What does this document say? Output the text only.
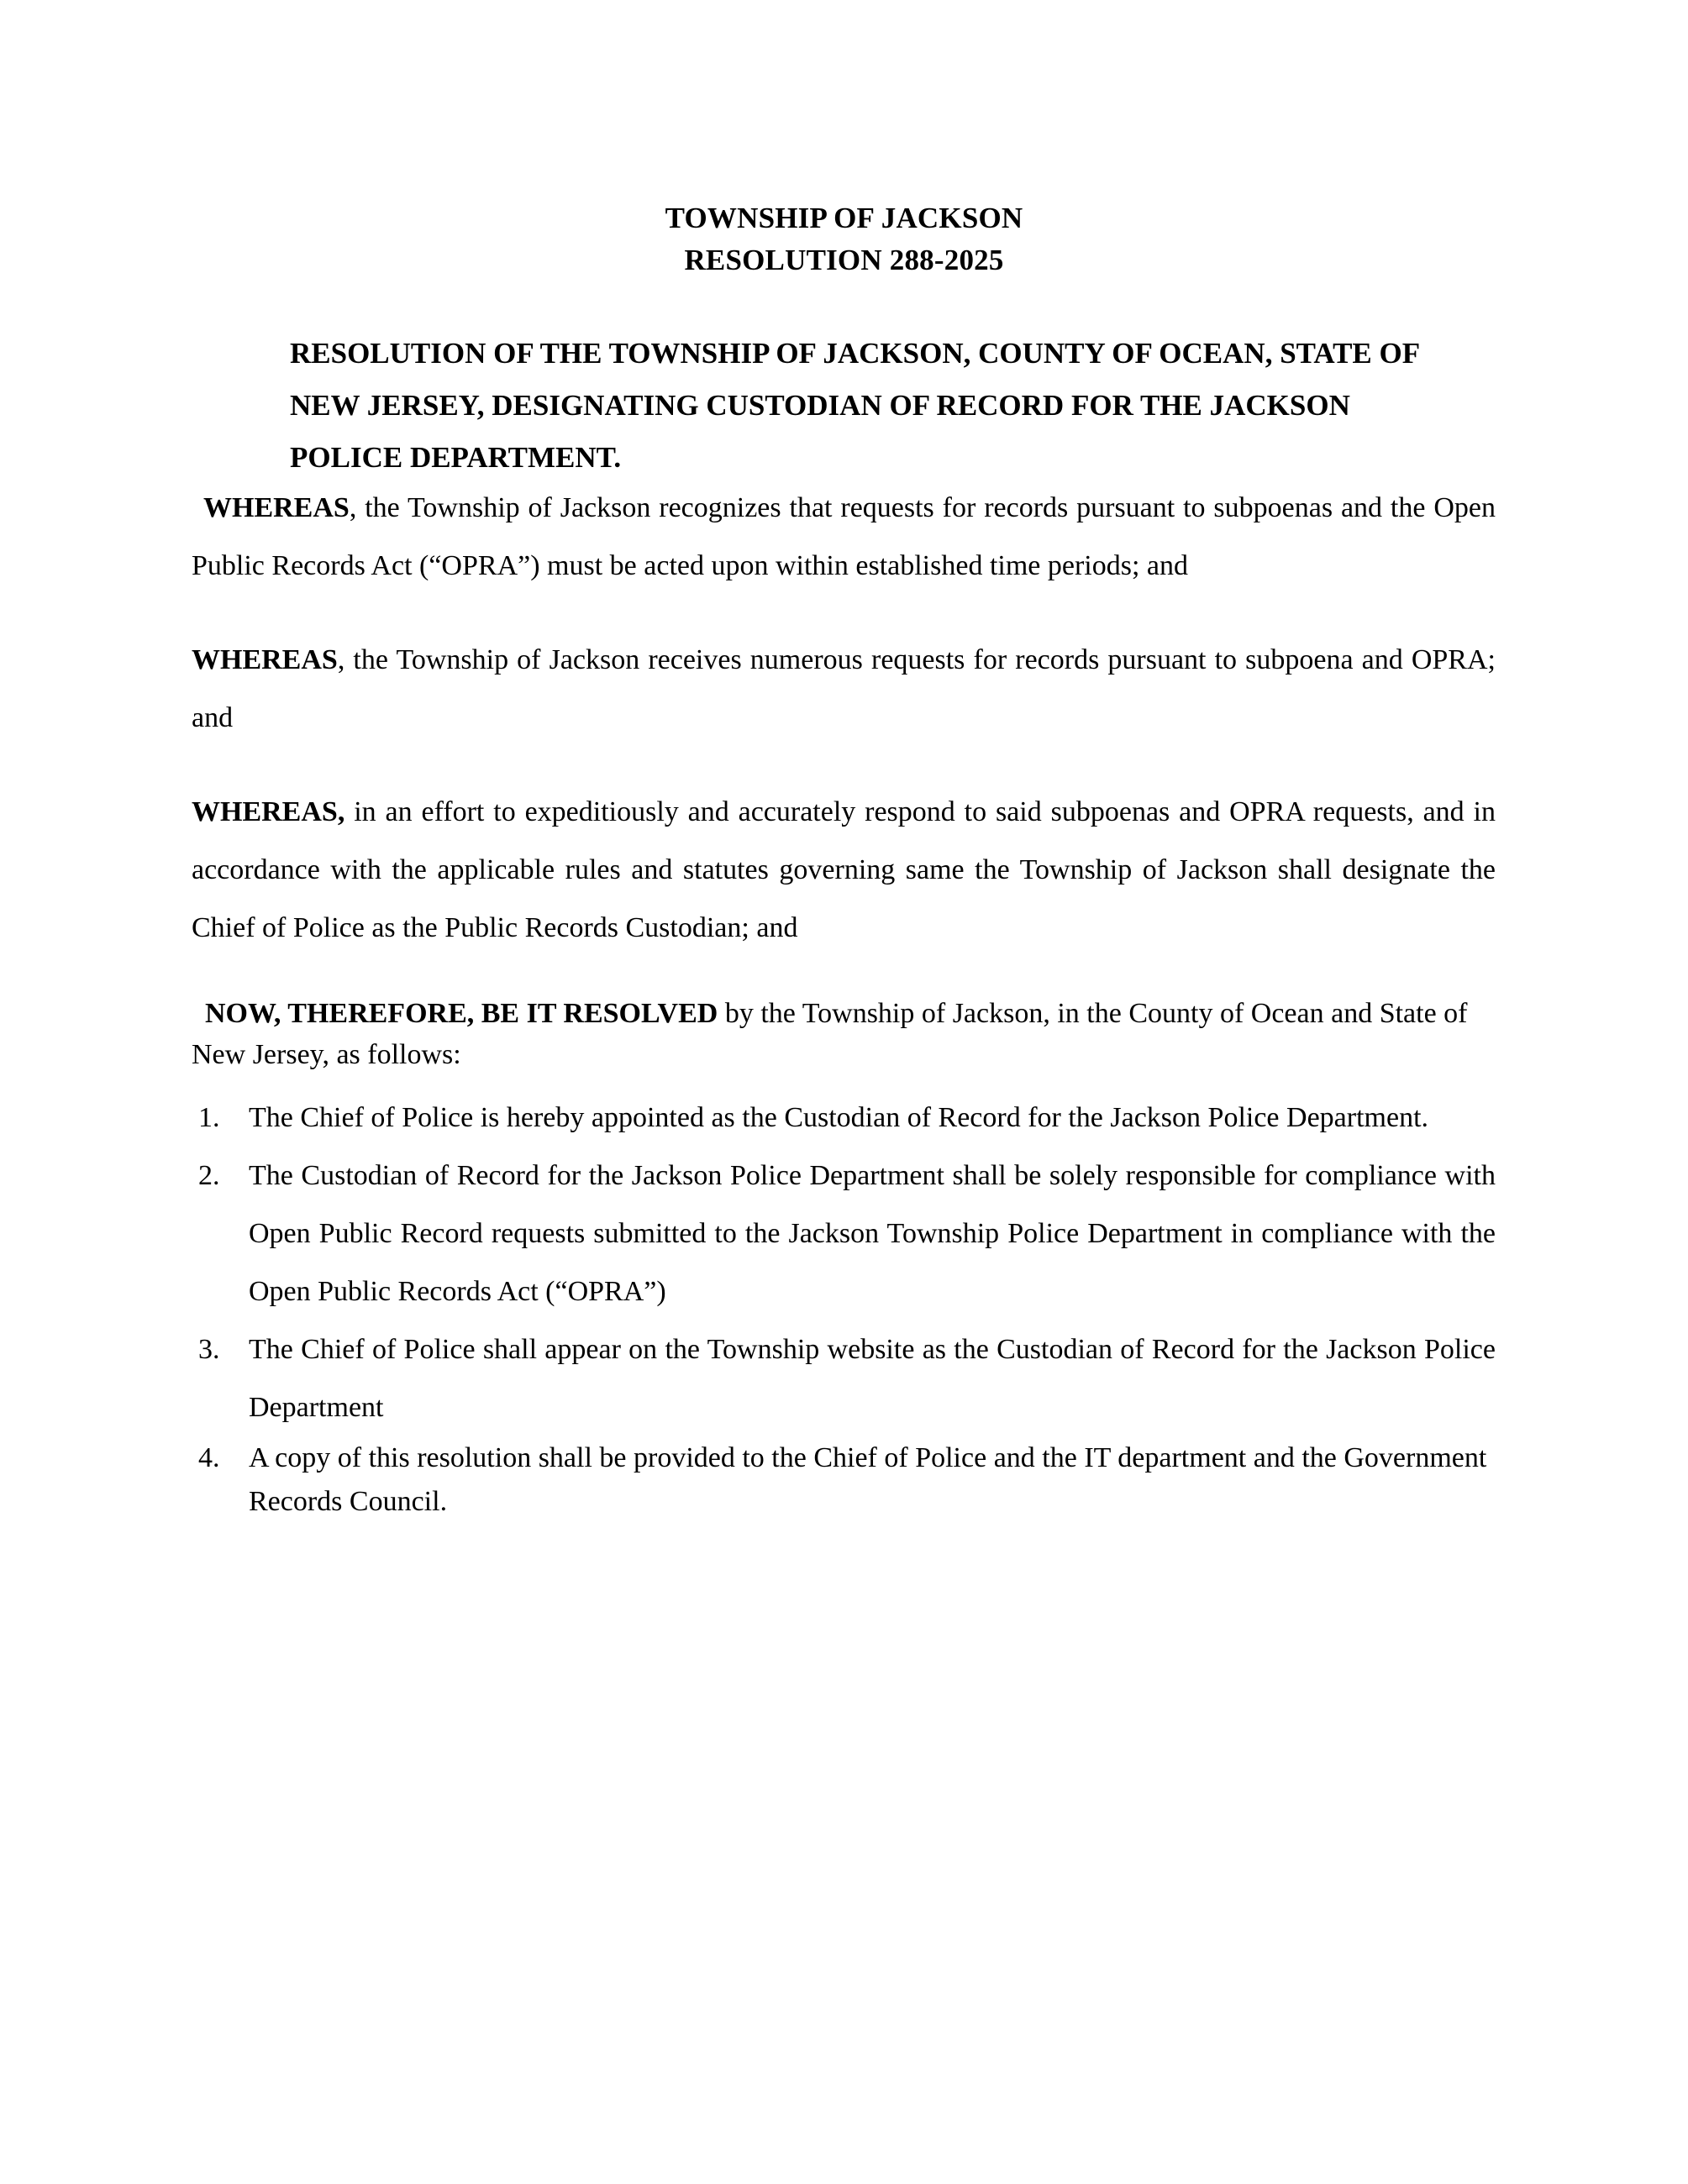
TOWNSHIP OF JACKSON
RESOLUTION 288-2025
RESOLUTION OF THE TOWNSHIP OF JACKSON, COUNTY OF OCEAN, STATE OF NEW JERSEY, DESIGNATING CUSTODIAN OF RECORD FOR THE JACKSON POLICE DEPARTMENT.

WHEREAS, the Township of Jackson recognizes that requests for records pursuant to subpoenas and the Open Public Records Act (“OPRA”) must be acted upon within established time periods; and

WHEREAS, the Township of Jackson receives numerous requests for records pursuant to subpoena and OPRA; and

WHEREAS, in an effort to expeditiously and accurately respond to said subpoenas and OPRA requests, and in accordance with the applicable rules and statutes governing same the Township of Jackson shall designate the Chief of Police as the Public Records Custodian; and

NOW, THEREFORE, BE IT RESOLVED by the Township of Jackson, in the County of Ocean and State of New Jersey, as follows:

1.	The Chief of Police is hereby appointed as the Custodian of Record for the Jackson Police Department.
2.	The Custodian of Record for the Jackson Police Department shall be solely responsible for compliance with Open Public Record requests submitted to the Jackson Township Police Department in compliance with the Open Public Records Act (“OPRA”)
3.	The Chief of Police shall appear on the Township website as the Custodian of Record for the Jackson Police Department
4.	A copy of this resolution shall be provided to the Chief of Police and the IT department and the Government Records Council.
